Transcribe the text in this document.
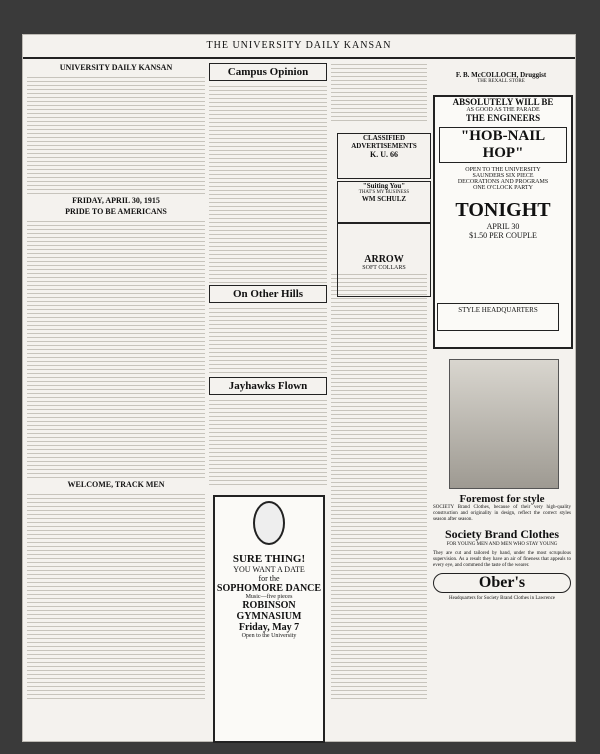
THE UNIVERSITY DAILY KANSAN
UNIVERSITY DAILY KANSAN
FRIDAY, APRIL 30, 1915
PRIDE TO BE AMERICANS
WELCOME, TRACK MEN
Campus Opinion
On Other Hills
Jayhawks Flown
F. B. McCOLLOCH, Druggist
THE REXALL STORE
ABSOLUTELY WILL BE
AS GOOD AS THE PARADE
THE ENGINEERS
"HOB-NAIL HOP"
OPEN TO THE UNIVERSITY
SAUNDERS SIX PIECE
DECORATIONS AND PROGRAMS
ONE O'CLOCK PARTY
TONIGHT
APRIL 30
$1.50 PER COUPLE
CLASSIFIED
ADVERTISEMENTS
K. U. 66
"Suiting You"
THAT'S MY BUSINESS
WM SCHULZ
ARROW
SOFT COLLARS
STYLE HEADQUARTERS
Foremost for style
SOCIETY Brand Clothes, because of their very high-quality construction and originality in design, reflect the correct styles season after season.
Society Brand Clothes
FOR YOUNG MEN AND MEN WHO STAY YOUNG
They are cut and tailored by hand, under the most scrupulous supervision. As a result they have an air of fineness that appeals to every eye, and commend the taste of the wearer.
Ober's
Headquarters for Society Brand Clothes in Lawrence
SURE THING!
YOU WANT A DATE
for the
SOPHOMORE DANCE
Music—five pieces
ROBINSON GYMNASIUM
Friday, May 7
Open to the University
